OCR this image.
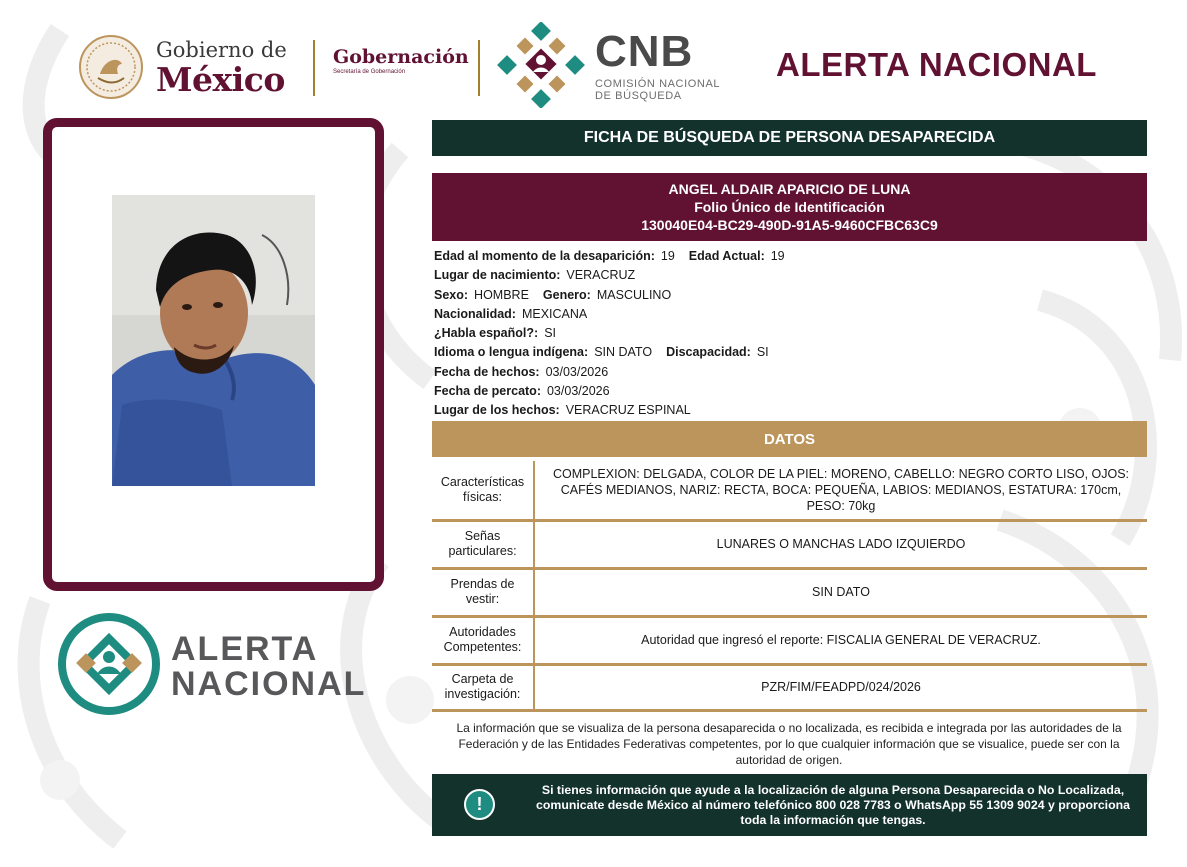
Gobierno de
México
Gobernación
Secretaría de Gobernación	CNB
COMISIÓN NACIONAL
DE BÚSQUEDA
ALERTA NACIONAL
ALERTA
NACIONAL
FICHA DE BÚSQUEDA DE PERSONA DESAPARECIDA
ANGEL ALDAIR APARICIO DE LUNA
Folio Único de Identificación
130040E04-BC29-490D-91A5-9460CFBC63C9
Edad al momento de la desaparición: 19 Edad Actual: 19
Lugar de nacimiento: VERACRUZ
Sexo: HOMBRE Genero: MASCULINO
Nacionalidad: MEXICANA
¿Habla español?: SI
Idioma o lengua indígena: SIN DATO Discapacidad: SI
Fecha de hechos: 03/03/2026
Fecha de percato: 03/03/2026
Lugar de los hechos: VERACRUZ ESPINAL
DATOS
Características físicas:	COMPLEXION: DELGADA, COLOR DE LA PIEL: MORENO, CABELLO: NEGRO CORTO LISO, OJOS: CAFÉS MEDIANOS, NARIZ: RECTA, BOCA: PEQUEÑA, LABIOS: MEDIANOS, ESTATURA: 170cm, PESO: 70kg
Señas particulares:	LUNARES O MANCHAS LADO IZQUIERDO
Prendas de vestir:	SIN DATO
Autoridades Competentes:	Autoridad que ingresó el reporte: FISCALIA GENERAL DE VERACRUZ.
Carpeta de investigación:	PZR/FIM/FEADPD/024/2026
La información que se visualiza de la persona desaparecida o no localizada, es recibida e integrada por las autoridades de la Federación y de las Entidades Federativas competentes, por lo que cualquier información que se visualice, puede ser con la autoridad de origen.
!
Si tienes información que ayude a la localización de alguna Persona Desaparecida o No Localizada, comunicate desde México al número telefónico 800 028 7783 o WhatsApp 55 1309 9024 y proporciona toda la información que tengas.
